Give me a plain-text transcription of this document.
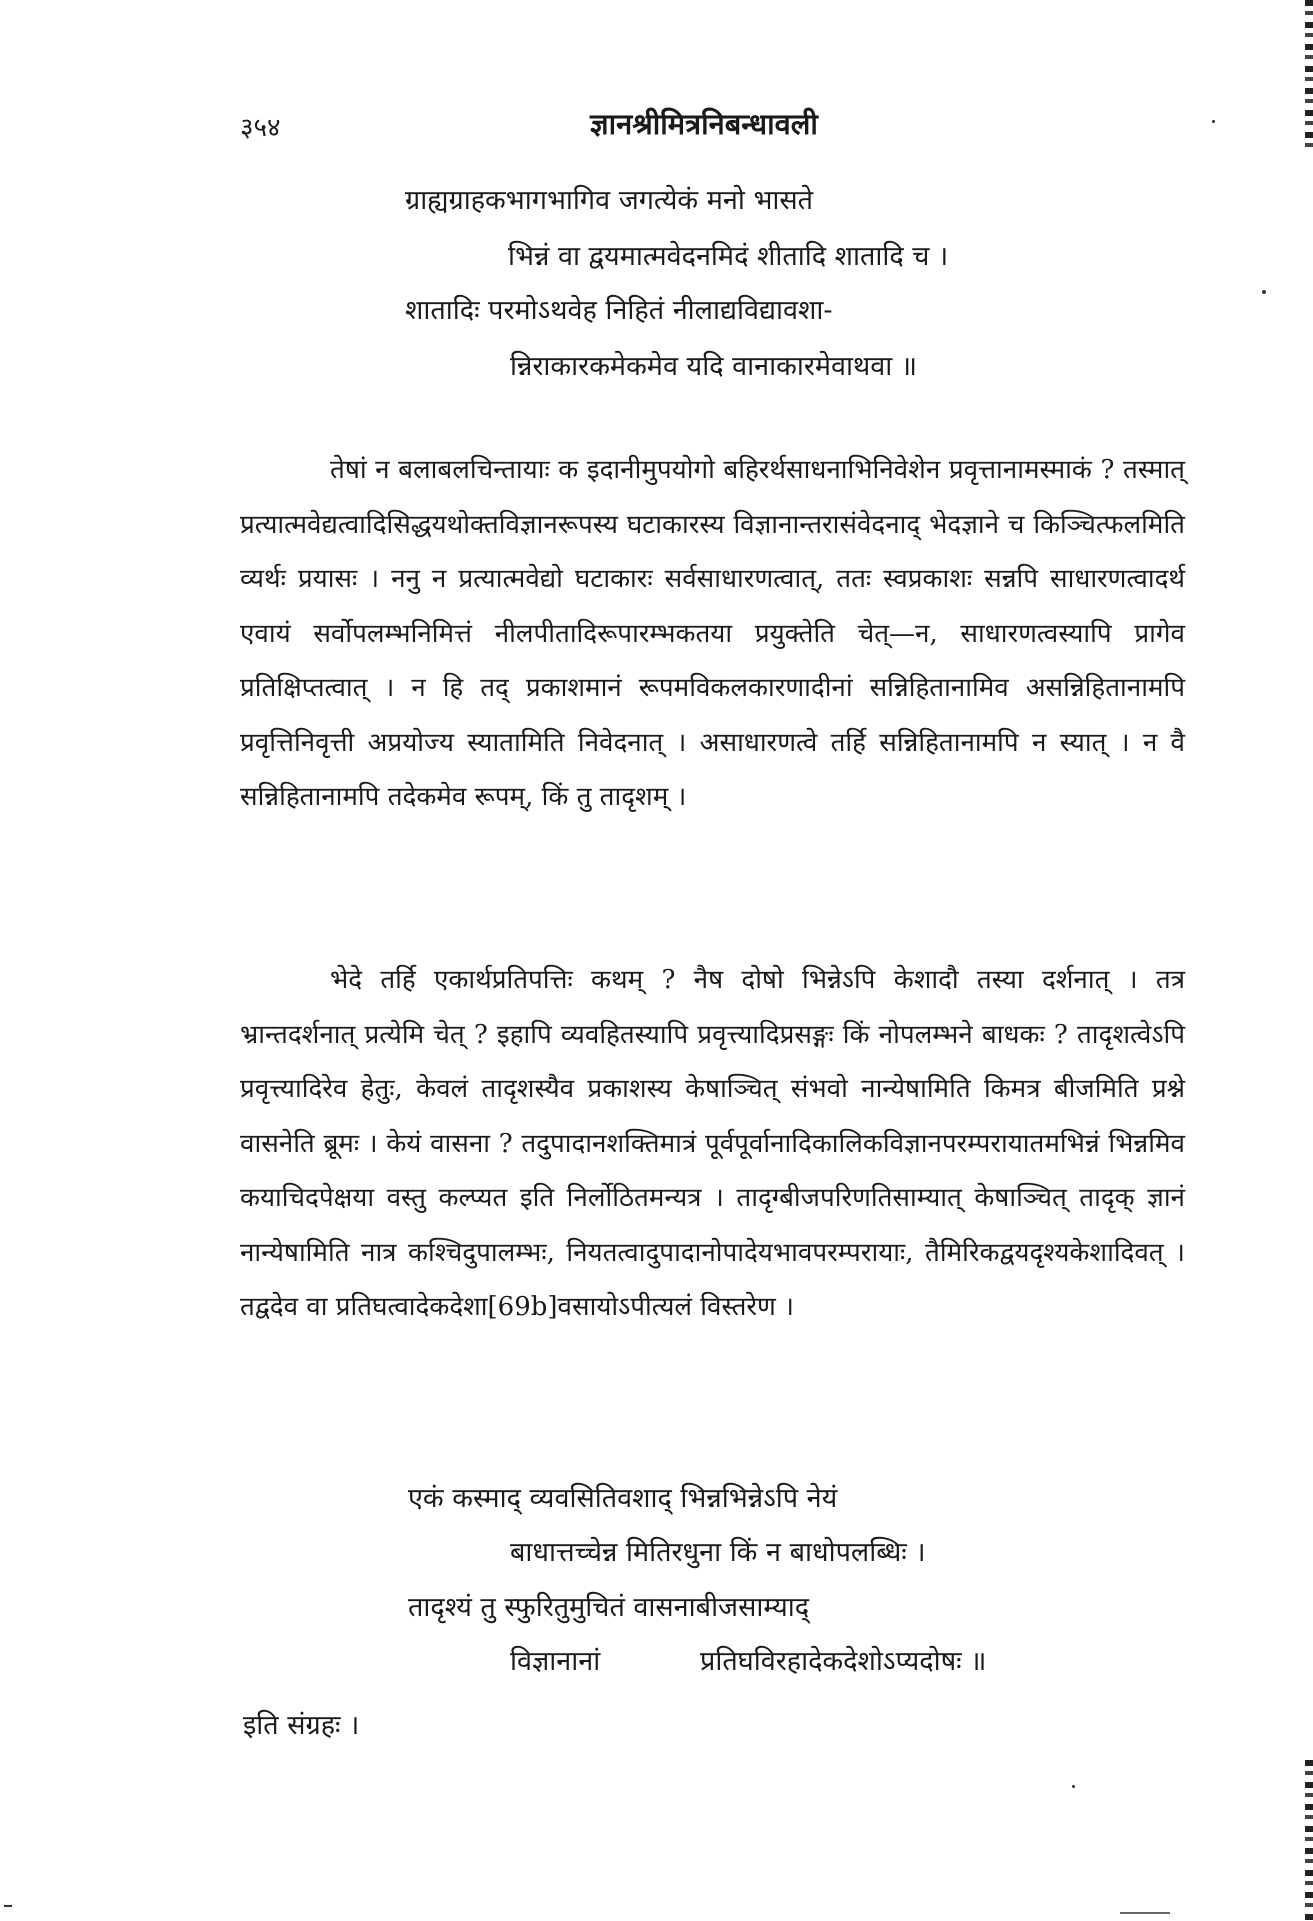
३५४	ज्ञानश्रीमित्रनिबन्धावली
ग्राह्यग्राहकभागभागिव जगत्येकं मनो भासते
भिन्नं वा द्वयमात्मवेदनमिदं शीतादि शातादि च ।
शातादिः परमोऽथवेह निहितं नीलाद्यविद्यावशा-
न्निराकारकमेकमेव यदि वानाकारमेवाथवा ॥

तेषां न बलाबलचिन्तायाः क इदानीमुपयोगो बहिरर्थसाधनाभिनिवेशेन प्रवृत्तानामस्माकं ? तस्मात् प्रत्यात्मवेद्यत्वादिसिद्धयथोक्तविज्ञानरूपस्य घटाकारस्य विज्ञानान्तरासंवेदनाद् भेदज्ञाने च किञ्चित्फलमिति व्यर्थः प्रयासः । ननु न प्रत्यात्मवेद्यो घटाकारः सर्वसाधारणत्वात्, ततः स्वप्रकाशः सन्नपि साधारणत्वादर्थ एवायं सर्वोपलम्भनिमित्तं नीलपीतादिरूपारम्भकतया प्रयुक्तेति चेत्—न, साधारणत्वस्यापि प्रागेव प्रतिक्षिप्तत्वात् । न हि तद् प्रकाशमानं रूपमविकलकारणादीनां सन्निहितानामिव असन्निहितानामपि प्रवृत्तिनिवृत्ती अप्रयोज्य स्यातामिति निवेदनात् । असाधारणत्वे तर्हि सन्निहितानामपि न स्यात् । न वै सन्निहितानामपि तदेकमेव रूपम्, किं तु तादृशम् ।

भेदे तर्हि एकार्थप्रतिपत्तिः कथम् ? नैष दोषो भिन्नेऽपि केशादौ तस्या दर्शनात् । तत्र भ्रान्तदर्शनात् प्रत्येमि चेत् ? इहापि व्यवहितस्यापि प्रवृत्त्यादिप्रसङ्गः किं नोपलम्भने बाधकः ? तादृशत्वेऽपि प्रवृत्त्यादिरेव हेतुः, केवलं तादृशस्यैव प्रकाशस्य केषाञ्चित् संभवो नान्येषामिति किमत्र बीजमिति प्रश्ने वासनेति ब्रूमः । केयं वासना ? तदुपादानशक्तिमात्रं पूर्वपूर्वानादिकालिकविज्ञानपरम्परायातमभिन्नं भिन्नमिव कयाचिदपेक्षया वस्तु कल्प्यत इति निर्लोठितमन्यत्र । तादृग्बीजपरिणतिसाम्यात् केषाञ्चित् तादृक् ज्ञानं नान्येषामिति नात्र कश्चिदुपालम्भः, नियतत्वादुपादानोपादेयभावपरम्परायाः, तैमिरिकद्वयदृश्यकेशादिवत् । तद्वदेव वा प्रतिघत्वादेकदेशा[69b]वसायोऽपीत्यलं विस्तरेण ।

एकं कस्माद् व्यवसितिवशाद् भिन्नभिन्नेऽपि नेयं
बाधात्तच्चेन्न मितिरधुना किं न बाधोपलब्धिः ।
तादृश्यं तु स्फुरितुमुचितं वासनाबीजसाम्याद्
विज्ञानानां	प्रतिघविरहादेकदेशोऽप्यदोषः ॥
इति संग्रहः ।
